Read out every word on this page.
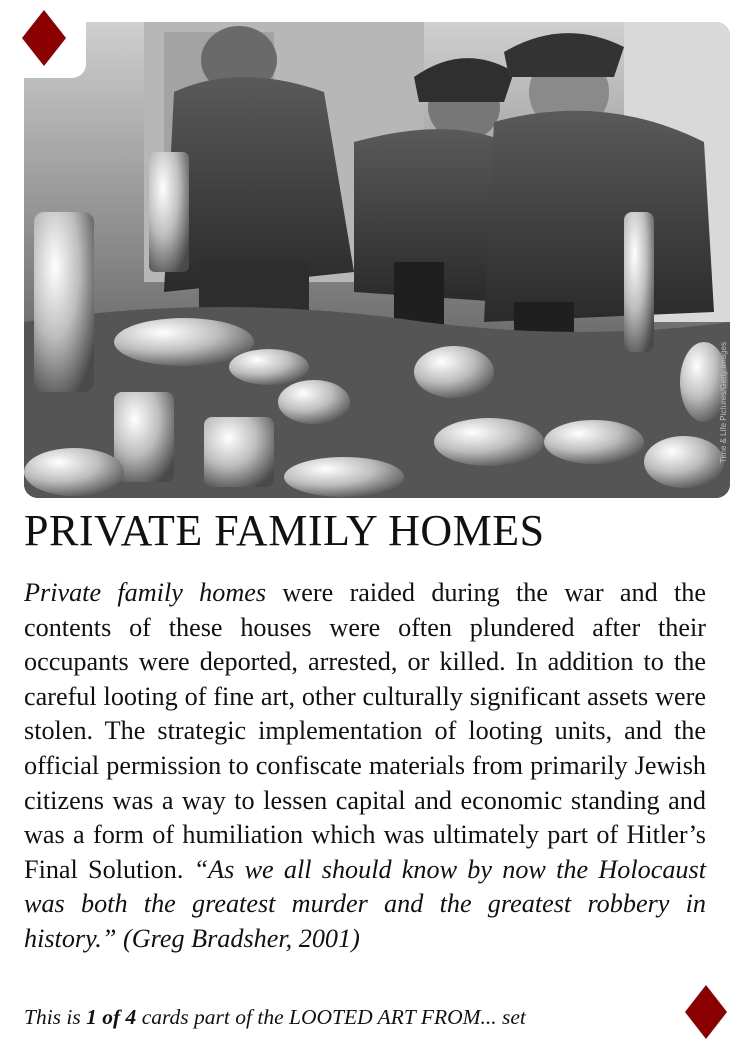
Time & Life Pictures/Getty Images
PRIVATE FAMILY HOMES
Private family homes were raided during the war and the contents of these houses were often plundered after their occupants were deported, arrested, or killed. In addition to the careful looting of fine art, other culturally significant assets were stolen. The strategic implementation of looting units, and the official permission to confiscate materials from primarily Jewish citizens was a way to lessen capital and economic standing and was a form of humiliation which was ultimately part of Hitler’s Final Solution. “As we all should know by now the Holocaust was both the greatest murder and the greatest robbery in history.” (Greg Bradsher, 2001)
This is 1 of 4 cards part of the LOOTED ART FROM... set
